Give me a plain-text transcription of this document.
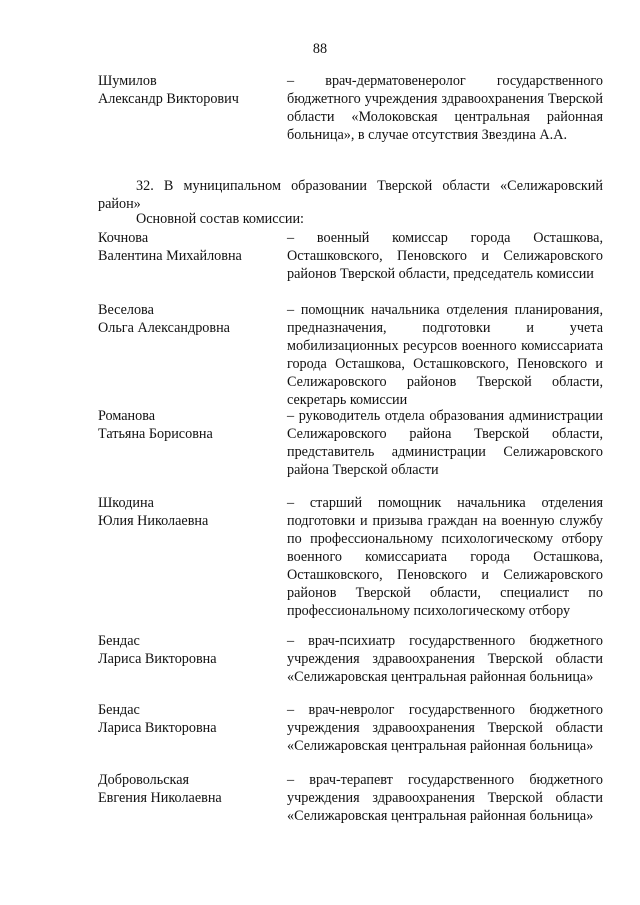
88
Шумилов
Александр Викторович
– врач-дерматовенеролог государственного бюджетного учреждения здравоохранения Тверской области «Молоковская центральная районная больница», в случае отсутствия Звездина А.А.
32. В муниципальном образовании Тверской области «Селижаровский район»
Основной состав комиссии:
Кочнова
Валентина Михайловна
– военный комиссар города Осташкова, Осташковского, Пеновского и Селижаровского районов Тверской области, председатель комиссии
Веселова
Ольга Александровна
– помощник начальника отделения планирования, предназначения, подготовки и учета мобилизационных ресурсов военного комиссариата города Осташкова, Осташковского, Пеновского и Селижаровского районов Тверской области, секретарь комиссии
Романова
Татьяна Борисовна
– руководитель отдела образования администрации Селижаровского района Тверской области, представитель администрации Селижаровского района Тверской области
Шкодина
Юлия Николаевна
– старший помощник начальника отделения подготовки и призыва граждан на военную службу по профессиональному психологическому отбору военного комиссариата города Осташкова, Осташковского, Пеновского и Селижаровского районов Тверской области, специалист по профессиональному психологическому отбору
Бендас
Лариса Викторовна
– врач-психиатр государственного бюджетного учреждения здравоохранения Тверской области «Селижаровская центральная районная больница»
Бендас
Лариса Викторовна
– врач-невролог государственного бюджетного учреждения здравоохранения Тверской области «Селижаровская центральная районная больница»
Добровольская
Евгения Николаевна
– врач-терапевт государственного бюджетного учреждения здравоохранения Тверской области «Селижаровская центральная районная больница»
